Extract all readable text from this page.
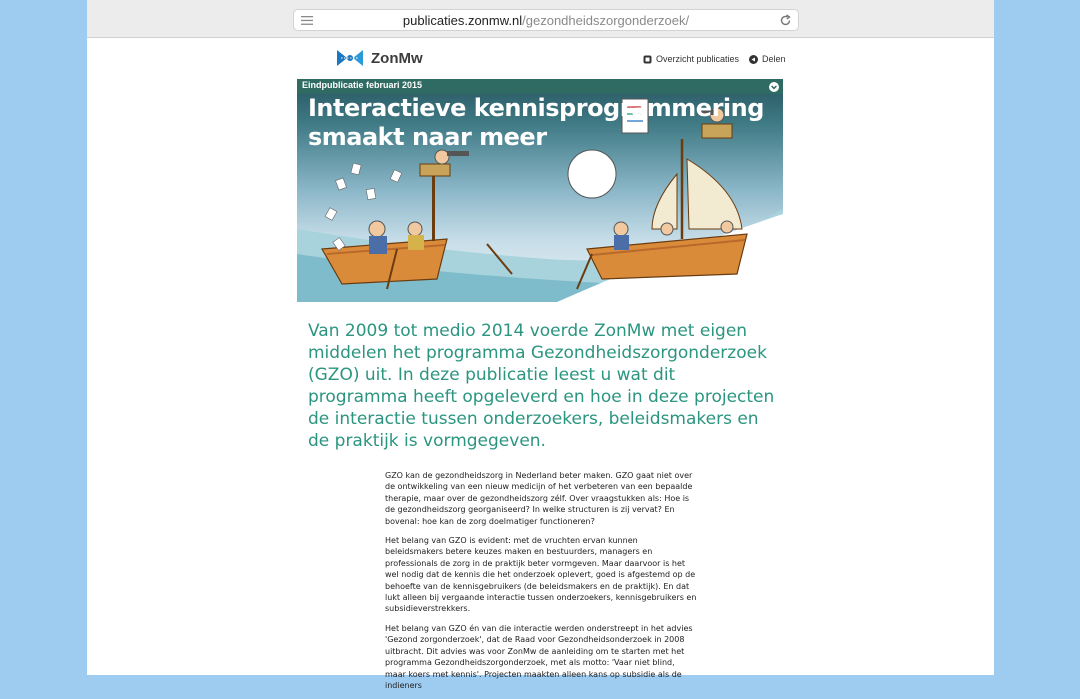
publicaties.zonmw.nl/gezondheidszorgonderzoek/
ZonMw	Overzicht publicaties	Delen
Eindpublicatie februari 2015
Interactieve kennisprogrammering smaakt naar meer
Van 2009 tot medio 2014 voerde ZonMw met eigen middelen het programma Gezondheidszorgonderzoek (GZO) uit. In deze publicatie leest u wat dit programma heeft opgeleverd en hoe in deze projecten de interactie tussen onderzoekers, beleidsmakers en de praktijk is vormgegeven.

GZO kan de gezondheidszorg in Nederland beter maken. GZO gaat niet over de ontwikkeling van een nieuw medicijn of het verbeteren van een bepaalde therapie, maar over de gezondheidszorg zélf. Over vraagstukken als: Hoe is de gezondheidszorg georganiseerd? In welke structuren is zij vervat? En bovenal: hoe kan de zorg doelmatiger functioneren?

Het belang van GZO is evident: met de vruchten ervan kunnen beleidsmakers betere keuzes maken en bestuurders, managers en professionals de zorg in de praktijk beter vormgeven. Maar daarvoor is het wel nodig dat de kennis die het onderzoek oplevert, goed is afgestemd op de behoefte van de kennisgebruikers (de beleidsmakers en de praktijk). En dat lukt alleen bij vergaande interactie tussen onderzoekers, kennisgebruikers en subsidieverstrekkers.

Het belang van GZO én van die interactie werden onderstreept in het advies 'Gezond zorgonderzoek', dat de Raad voor Gezondheidsonderzoek in 2008 uitbracht. Dit advies was voor ZonMw de aanleiding om te starten met het programma Gezondheidszorgonderzoek, met als motto: 'Vaar niet blind, maar koers met kennis'. Projecten maakten alleen kans op subsidie als de indieners
